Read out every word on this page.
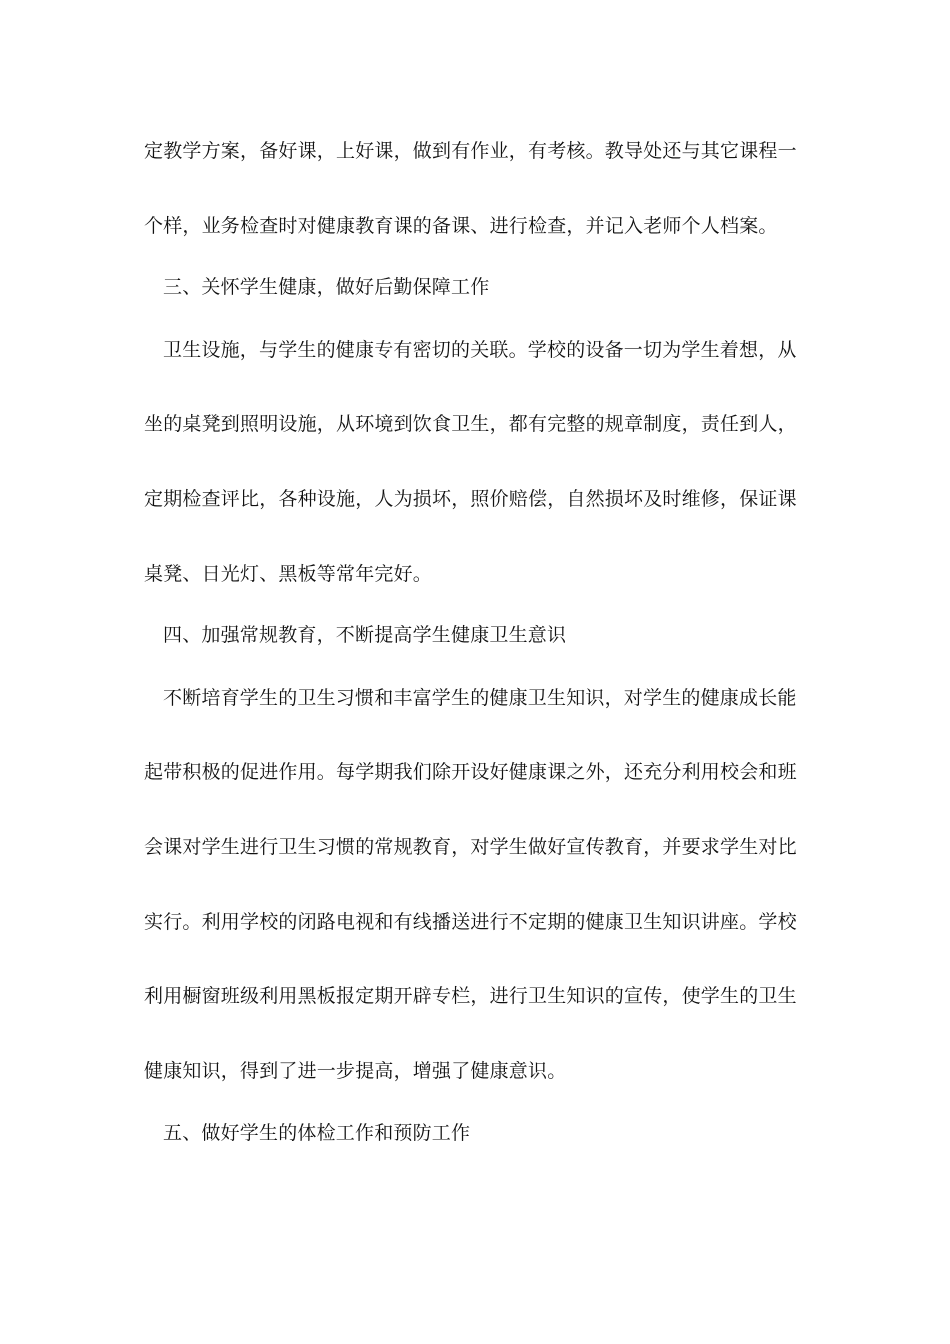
定教学方案，备好课，上好课，做到有作业，有考核。教导处还与其它课程一
个样，业务检查时对健康教育课的备课、进行检查，并记入老师个人档案。
三、关怀学生健康，做好后勤保障工作
卫生设施，与学生的健康专有密切的关联。学校的设备一切为学生着想，从
坐的桌凳到照明设施，从环境到饮食卫生，都有完整的规章制度，责任到人，
定期检查评比，各种设施，人为损坏，照价赔偿，自然损坏及时维修，保证课
桌凳、日光灯、黑板等常年完好。
四、加强常规教育，不断提高学生健康卫生意识
不断培育学生的卫生习惯和丰富学生的健康卫生知识，对学生的健康成长能
起带积极的促进作用。每学期我们除开设好健康课之外，还充分利用校会和班
会课对学生进行卫生习惯的常规教育，对学生做好宣传教育，并要求学生对比
实行。利用学校的闭路电视和有线播送进行不定期的健康卫生知识讲座。学校
利用橱窗班级利用黑板报定期开辟专栏，进行卫生知识的宣传，使学生的卫生
健康知识，得到了进一步提高，增强了健康意识。
五、做好学生的体检工作和预防工作
